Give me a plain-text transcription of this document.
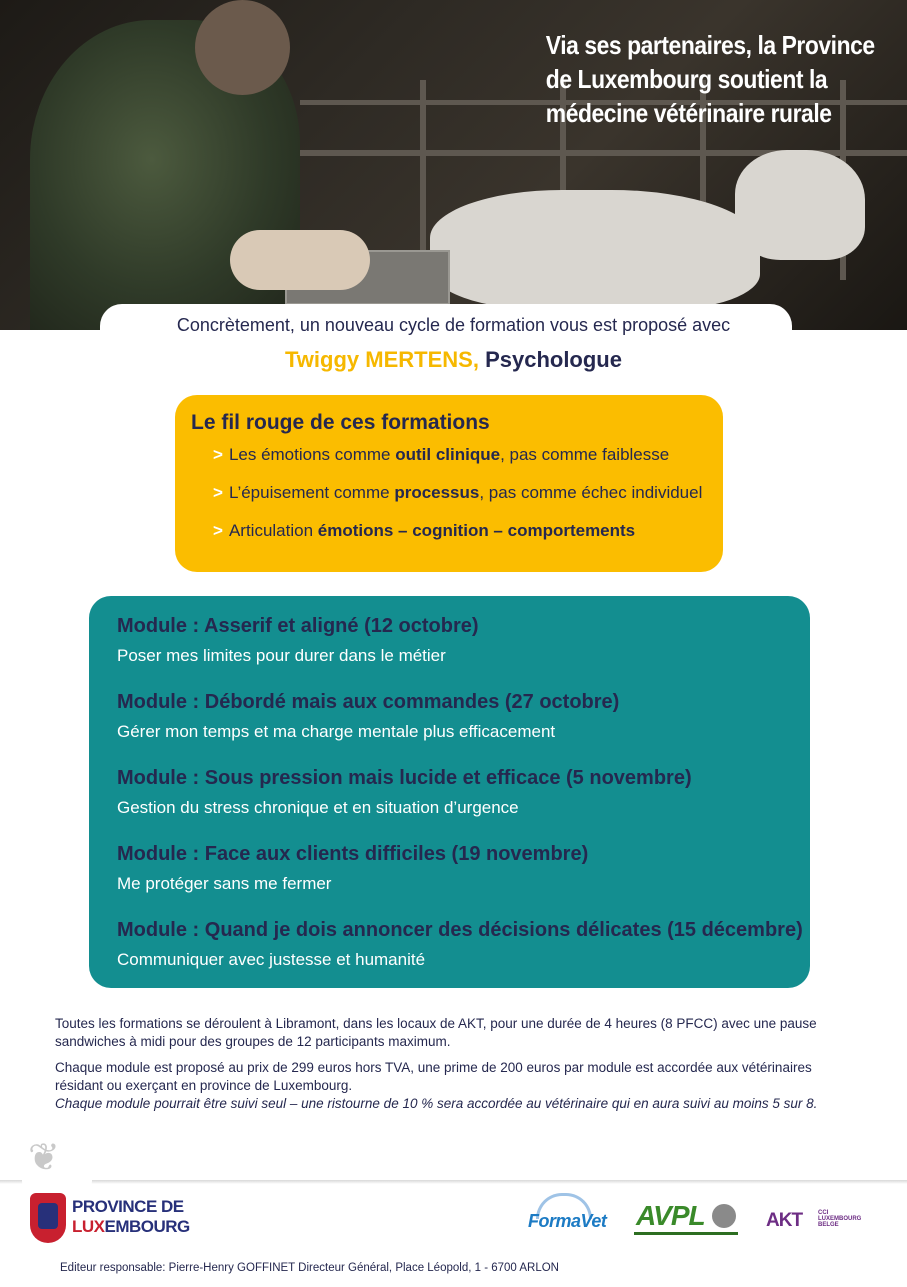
Via ses partenaires, la Province de Luxembourg soutient la médecine vétérinaire rurale
Concrètement, un nouveau cycle de formation vous est proposé avec
Twiggy MERTENS, Psychologue
Le fil rouge de ces formations
> Les émotions comme outil clinique, pas comme faiblesse
> L’épuisement comme processus, pas comme échec individuel
> Articulation émotions – cognition – comportements
Module : Asserif et aligné (12 octobre)
Poser mes limites pour durer dans le métier
Module : Débordé mais aux commandes (27 octobre)
Gérer mon temps et ma charge mentale plus efficacement
Module : Sous pression mais lucide et efficace (5 novembre)
Gestion du stress chronique et en situation d’urgence
Module : Face aux clients difficiles (19 novembre)
Me protéger sans me fermer
Module : Quand je dois annoncer des décisions délicates (15 décembre)
Communiquer avec justesse et humanité

Toutes les formations se déroulent à Libramont, dans les locaux de AKT, pour une durée de 4 heures (8 PFCC) avec une pause sandwiches à midi pour des groupes de 12 participants maximum.

Chaque module est proposé au prix de 299 euros hors TVA, une prime de 200 euros par module est accordée aux vétérinaires résidant ou exerçant en province de Luxembourg.

Chaque module pourrait être suivi seul – une ristourne de 10 % sera accordée au vétérinaire qui en aura suivi au moins 5 sur 8.

❦
PROVINCE DE
LUXEMBOURG	FormaVet AVPL	AKT	CCI LUXEMBOURG BELGE
Editeur responsable: Pierre-Henry GOFFINET Directeur Général, Place Léopold, 1 - 6700 ARLON
